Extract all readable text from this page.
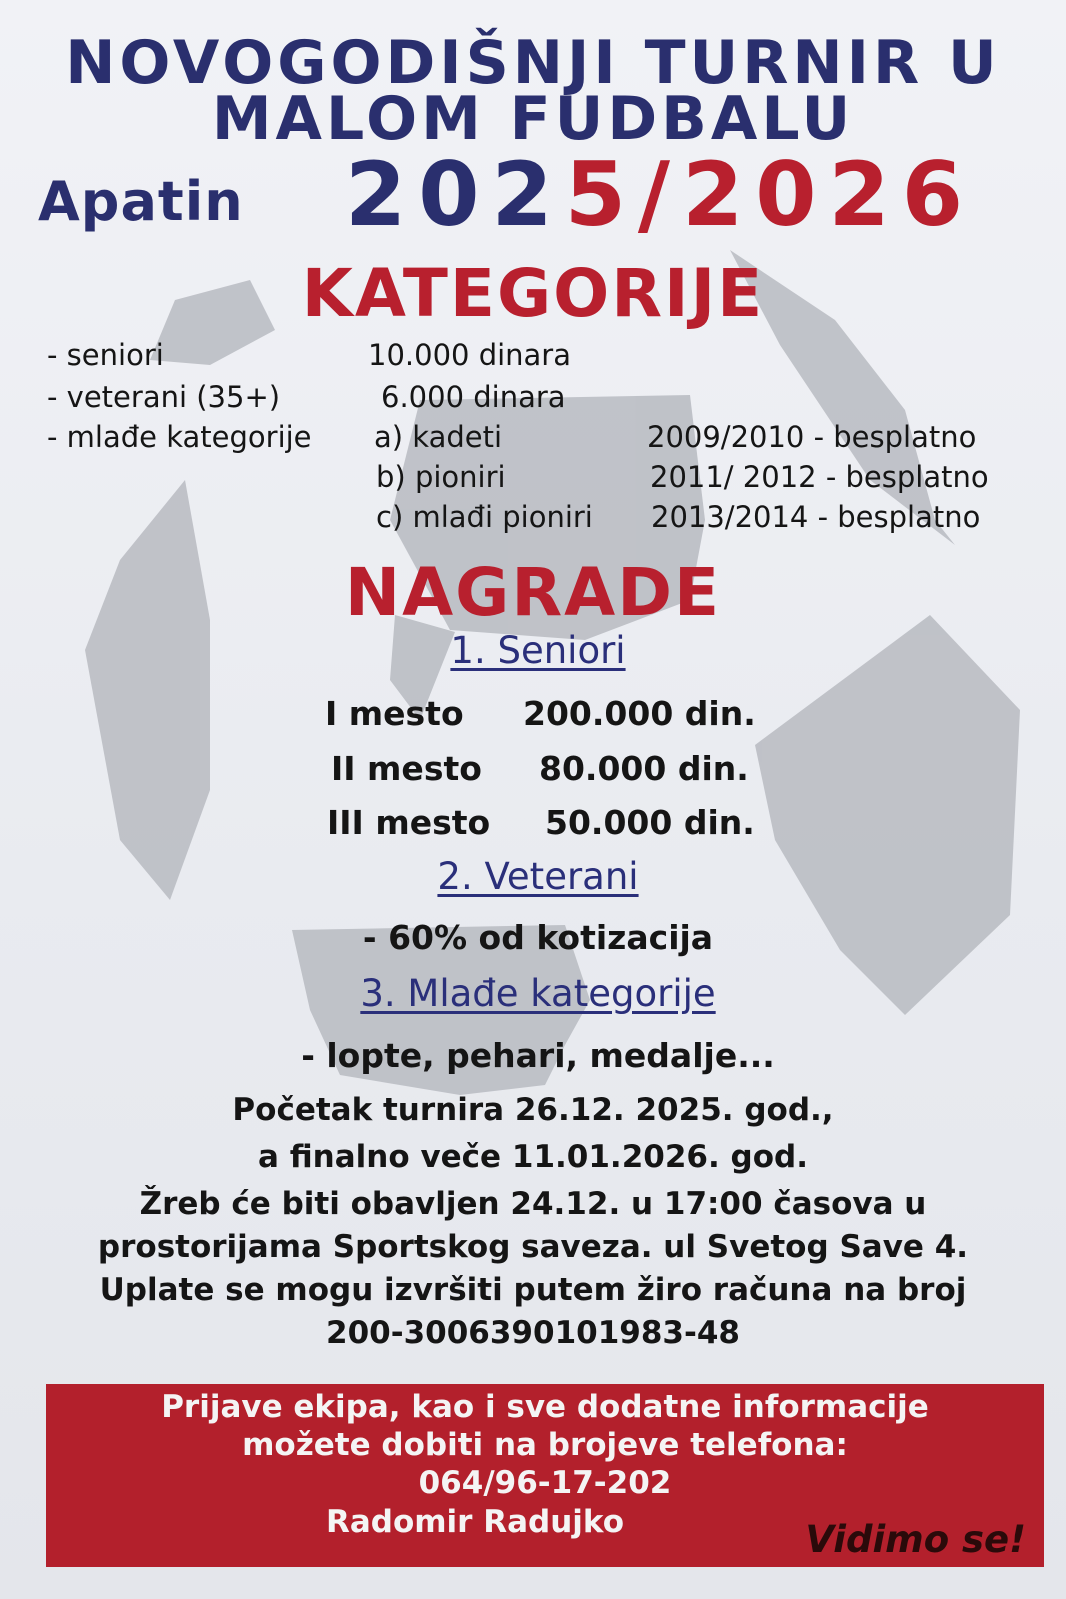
NOVOGODIŠNJI TURNIR U
MALOM FUDBALU
Apatin 2025/2026
KATEGORIJE
- seniori	10.000 dinara
- veterani (35+)	6.000 dinara
- mlađe kategorije a) kadeti	2009/2010 - besplatno
b) pioniri	2011/ 2012 - besplatno
c) mlađi pioniri 2013/2014 - besplatno
NAGRADE
1. Seniori
I mesto 200.000 din.
II mesto 80.000 din.
III mesto 50.000 din.
2. Veterani
- 60% od kotizacija
3. Mlađe kategorije
- lopte, pehari, medalje...
Početak turnira 26.12. 2025. god.,
a finalno veče 11.01.2026. god.
Žreb će biti obavljen 24.12. u 17:00 časova u
prostorijama Sportskog saveza. ul Svetog Save 4.
Uplate se mogu izvršiti putem žiro računa na broj
200-3006390101983-48
Prijave ekipa, kao i sve dodatne informacije
možete dobiti na brojeve telefona:
064/96-17-202
Radomir Radujko	Vidimo se!
